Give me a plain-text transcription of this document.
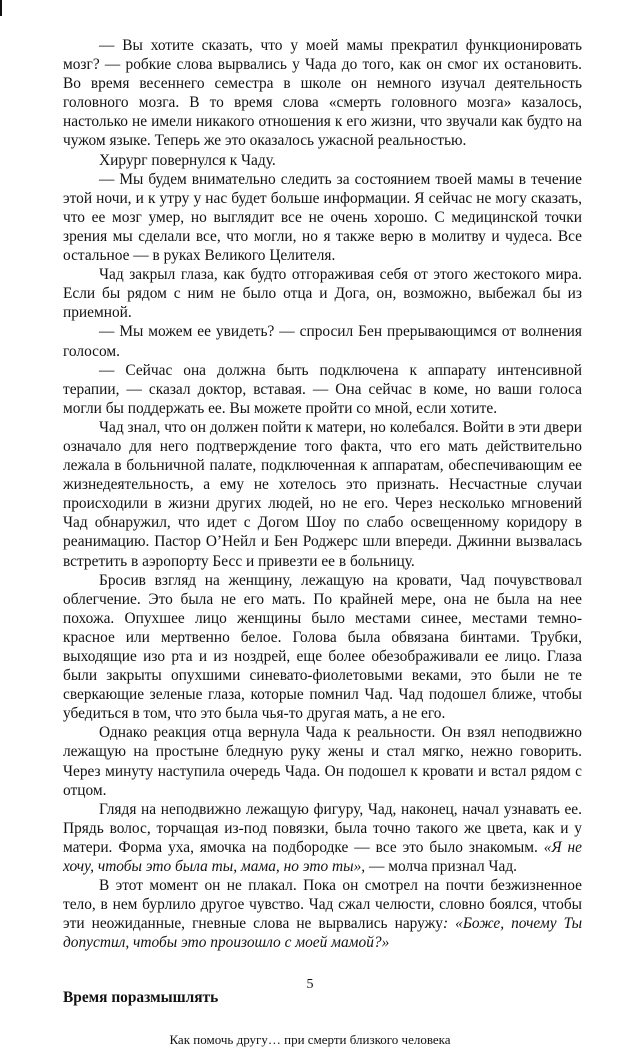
— Вы хотите сказать, что у моей мамы прекратил функционировать мозг? — робкие слова вырвались у Чада до того, как он смог их остановить. Во время весеннего семестра в школе он немного изучал деятельность головного мозга. В то время слова «смерть головного мозга» казалось, настолько не имели никакого отношения к его жизни, что звучали как будто на чужом языке. Теперь же это оказалось ужасной реальностью.

Хирург повернулся к Чаду.

— Мы будем внимательно следить за состоянием твоей мамы в течение этой ночи, и к утру у нас будет больше информации. Я сейчас не могу сказать, что ее мозг умер, но выглядит все не очень хорошо. С медицинской точки зрения мы сделали все, что могли, но я также верю в молитву и чудеса. Все остальное — в руках Великого Целителя.

Чад закрыл глаза, как будто отгораживая себя от этого жестокого мира. Если бы рядом с ним не было отца и Дога, он, возможно, выбежал бы из приемной.

— Мы можем ее увидеть? — спросил Бен прерывающимся от волнения голосом.

— Сейчас она должна быть подключена к аппарату интенсивной терапии, — сказал доктор, вставая. — Она сейчас в коме, но ваши голоса могли бы поддержать ее. Вы можете пройти со мной, если хотите.

Чад знал, что он должен пойти к матери, но колебался. Войти в эти двери означало для него подтверждение того факта, что его мать действительно лежала в больничной палате, подключенная к аппаратам, обеспечивающим ее жизнедеятельность, а ему не хотелось это признать. Несчастные случаи происходили в жизни других людей, но не его. Через несколько мгновений Чад обнаружил, что идет с Догом Шоу по слабо освещенному коридору в реанимацию. Пастор О’Нейл и Бен Роджерс шли впереди. Джинни вызвалась встретить в аэропорту Бесс и привезти ее в больницу.

Бросив взгляд на женщину, лежащую на кровати, Чад почувствовал облегчение. Это была не его мать. По крайней мере, она не была на нее похожа. Опухшее лицо женщины было местами синее, местами темно-красное или мертвенно белое. Голова была обвязана бинтами. Трубки, выходящие изо рта и из ноздрей, еще более обезображивали ее лицо. Глаза были закрыты опухшими синевато-фиолетовыми веками, это были не те сверкающие зеленые глаза, которые помнил Чад. Чад подошел ближе, чтобы убедиться в том, что это была чья-то другая мать, а не его.

Однако реакция отца вернула Чада к реальности. Он взял неподвижно лежащую на простыне бледную руку жены и стал мягко, нежно говорить. Через минуту наступила очередь Чада. Он подошел к кровати и встал рядом с отцом.

Глядя на неподвижно лежащую фигуру, Чад, наконец, начал узнавать ее. Прядь волос, торчащая из-под повязки, была точно такого же цвета, как и у матери. Форма уха, ямочка на подбородке — все это было знакомым. «Я не хочу, чтобы это была ты, мама, но это ты», — молча признал Чад.

В этот момент он не плакал. Пока он смотрел на почти безжизненное тело, в нем бурлило другое чувство. Чад сжал челюсти, словно боялся, чтобы эти неожиданные, гневные слова не вырвались наружу: «Боже, почему Ты допустил, чтобы это произошло с моей мамой?»

Время поразмышлять

5
Как помочь другу… при смерти близкого человека
